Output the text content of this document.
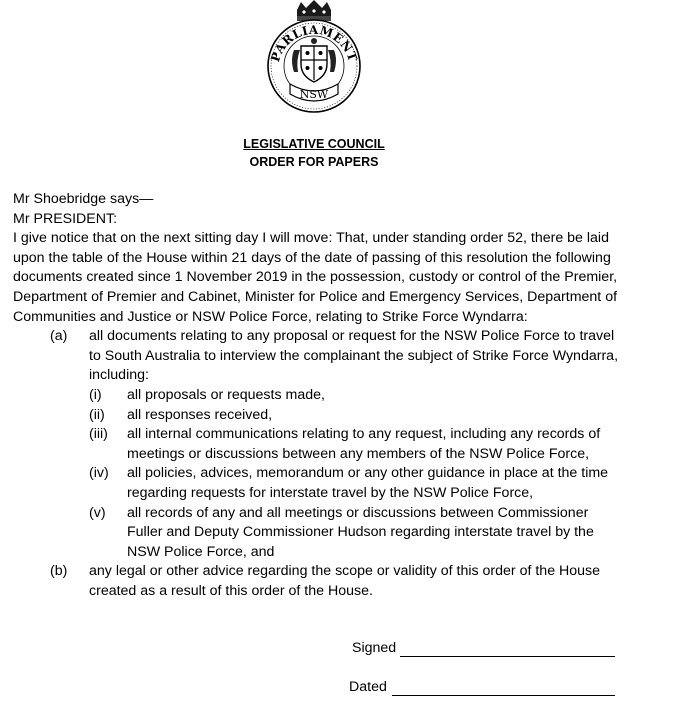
PARLIAMENT
NSW
LEGISLATIVE COUNCIL
ORDER FOR PAPERS
Mr Shoebridge says—
Mr PRESIDENT:
I give notice that on the next sitting day I will move: That, under standing order 52, there be laid upon the table of the House within 21 days of the date of passing of this resolution the following documents created since 1 November 2019 in the possession, custody or control of the Premier, Department of Premier and Cabinet, Minister for Police and Emergency Services, Department of Communities and Justice or NSW Police Force, relating to Strike Force Wyndarra:
(a) all documents relating to any proposal or request for the NSW Police Force to travel to South Australia to interview the complainant the subject of Strike Force Wyndarra, including:
(i) all proposals or requests made,
(ii) all responses received,
(iii) all internal communications relating to any request, including any records of meetings or discussions between any members of the NSW Police Force,
(iv) all policies, advices, memorandum or any other guidance in place at the time regarding requests for interstate travel by the NSW Police Force,
(v) all records of any and all meetings or discussions between Commissioner Fuller and Deputy Commissioner Hudson regarding interstate travel by the NSW Police Force, and
(b) any legal or other advice regarding the scope or validity of this order of the House created as a result of this order of the House.
Signed
Dated
